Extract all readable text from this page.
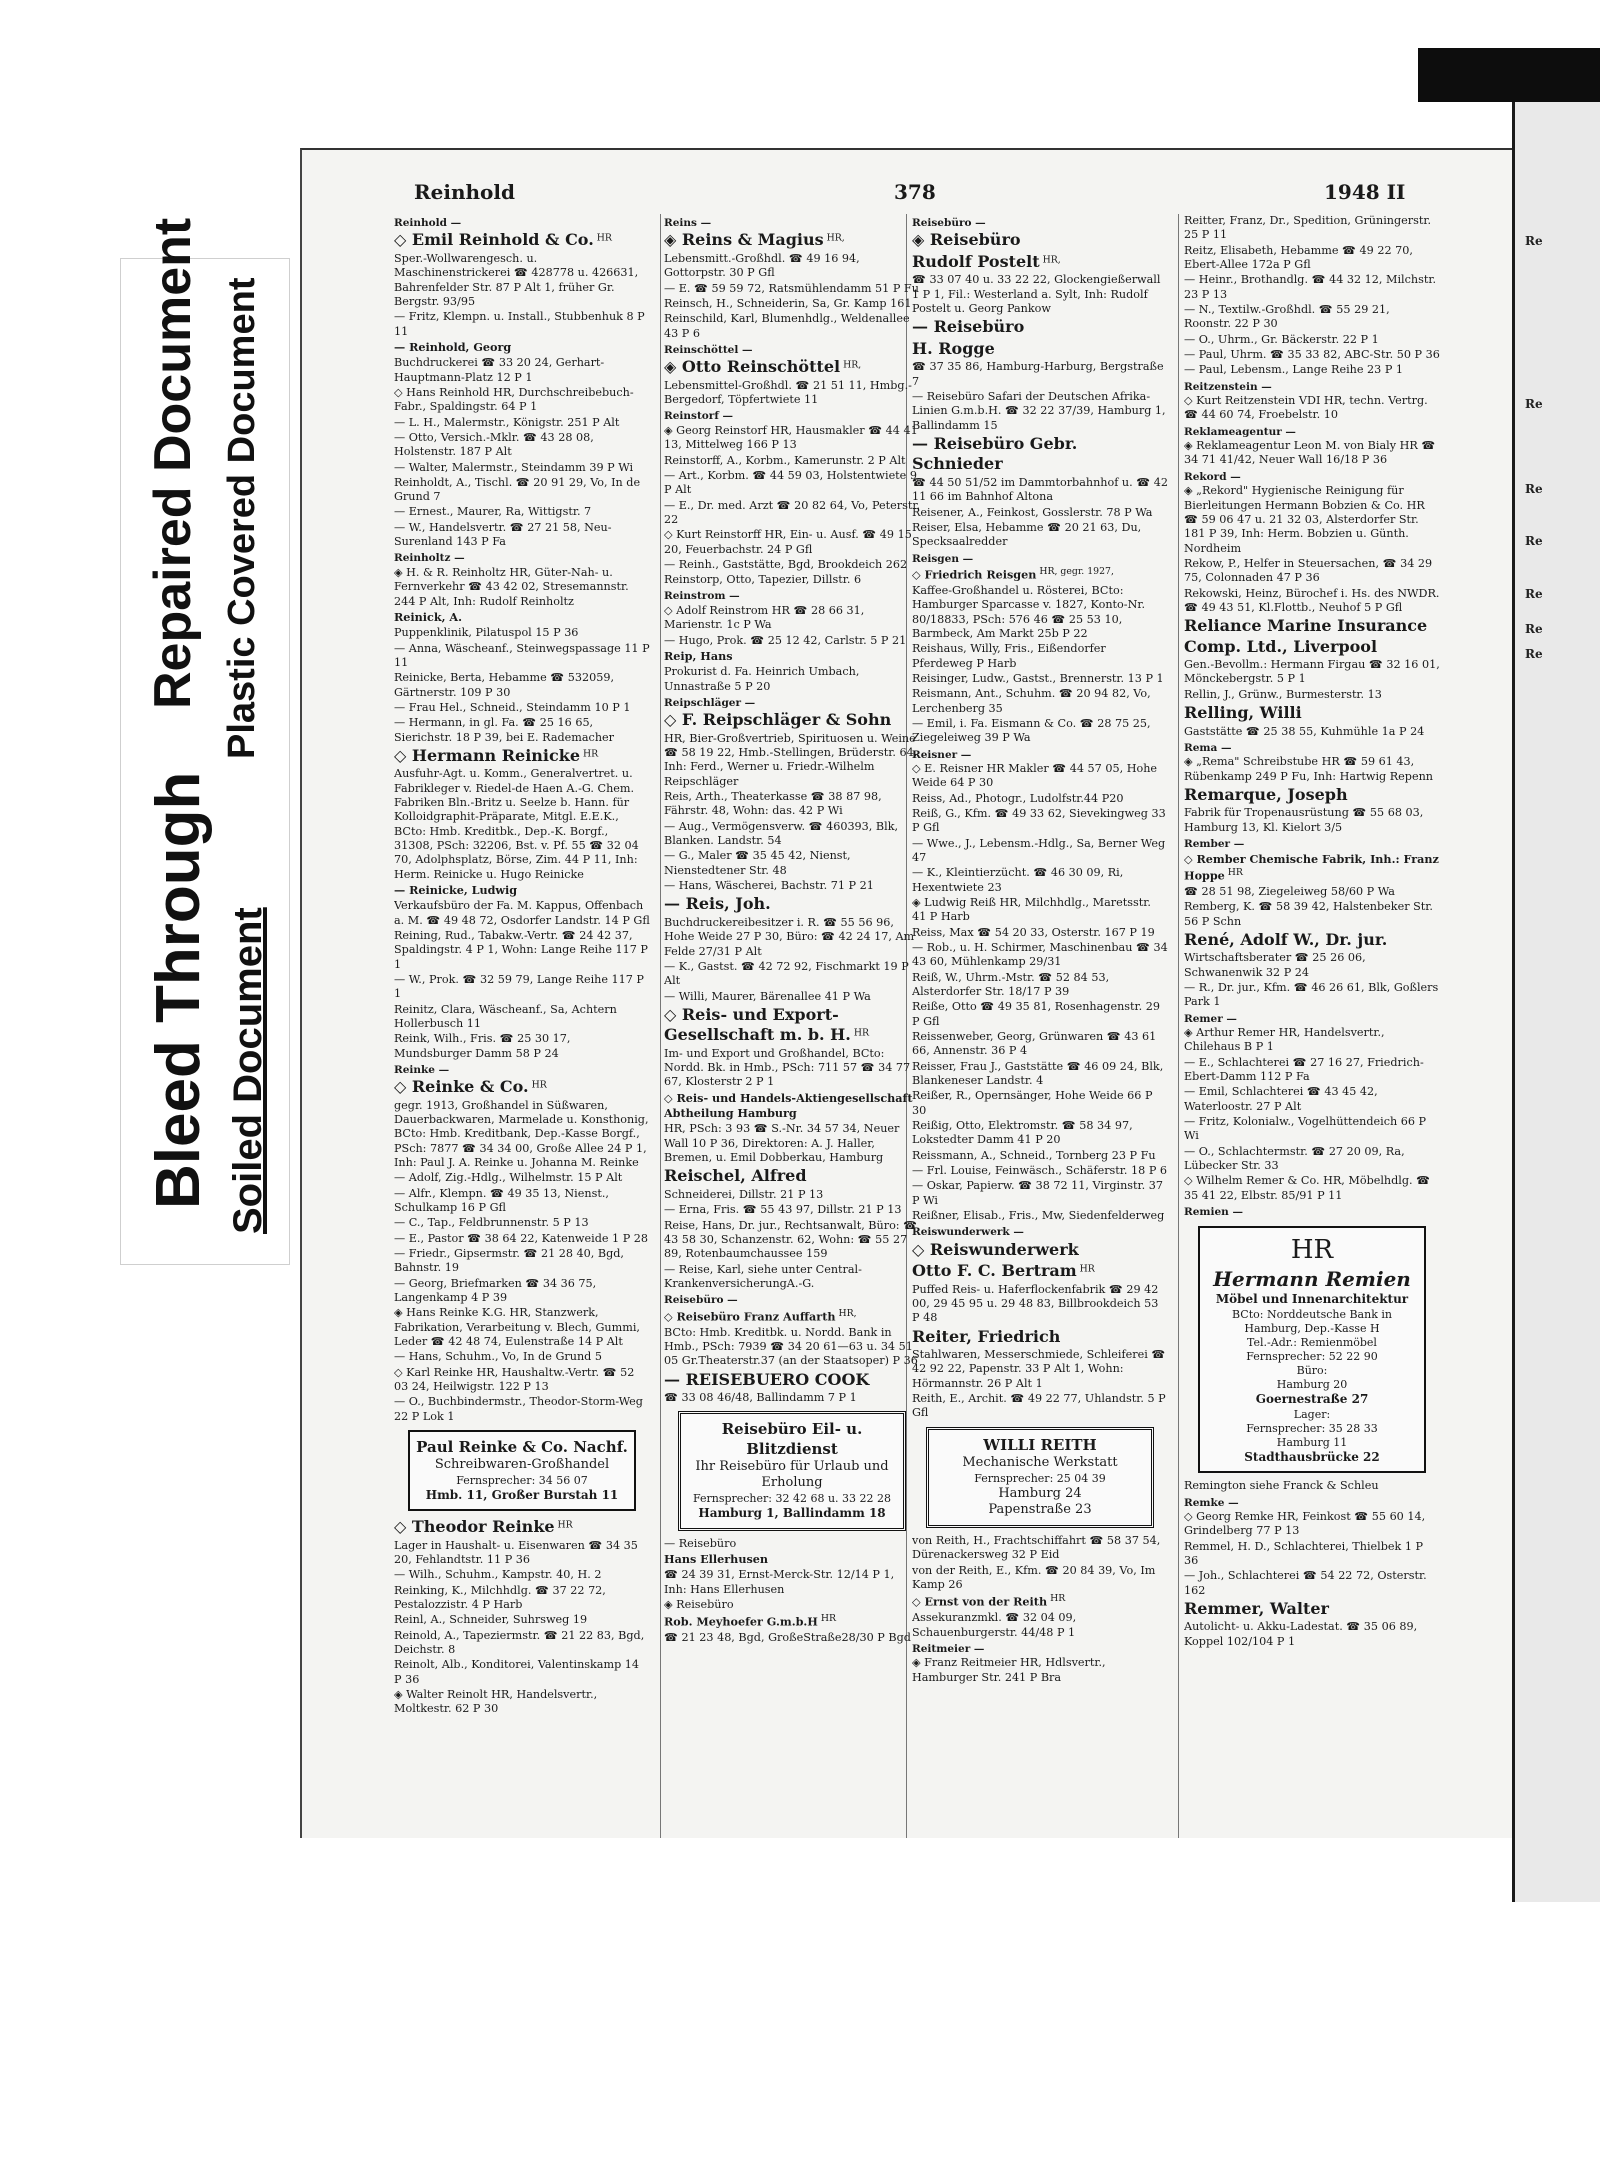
Bleed Through
Repaired Document
Soiled Document
Plastic Covered Document
Re
Re
Re
Re
Re
Re
Re
Reinhold	378	1948 II
Reinhold —
◇ Emil Reinhold & Co. $^{HR}$
Sper.-Wollwarengesch. u. Maschinenstrickerei ☎ 428778 u. 426631, Bahrenfelder Str. 87 P Alt 1, früher Gr. Bergstr. 93/95
— Fritz, Klempn. u. Install., Stubbenhuk 8 P 11
— Reinhold, Georg
Buchdruckerei ☎ 33 20 24, Gerhart-Hauptmann-Platz 12 P 1
◇ Hans Reinhold HR, Durchschreibebuch-Fabr., Spaldingstr. 64 P 1
— L. H., Malermstr., Königstr. 251 P Alt
— Otto, Versich.-Mklr. ☎ 43 28 08, Holstenstr. 187 P Alt
— Walter, Malermstr., Steindamm 39 P Wi
Reinholdt, A., Tischl. ☎ 20 91 29, Vo, In de Grund 7
— Ernest., Maurer, Ra, Wittigstr. 7
— W., Handelsvertr. ☎ 27 21 58, Neu-Surenland 143 P Fa
Reinholtz —
◈ H. & R. Reinholtz HR, Güter-Nah- u. Fernverkehr ☎ 43 42 02, Stresemannstr. 244 P Alt, Inh: Rudolf Reinholtz
Reinick, A.
Puppenklinik, Pilatuspol 15 P 36
— Anna, Wäscheanf., Steinwegspassage 11 P 11
Reinicke, Berta, Hebamme ☎ 532059, Gärtnerstr. 109 P 30
— Frau Hel., Schneid., Steindamm 10 P 1
— Hermann, in gl. Fa. ☎ 25 16 65, Sierichstr. 18 P 39, bei E. Rademacher
◇ Hermann Reinicke $^{HR}$
Ausfuhr-Agt. u. Komm., Generalvertret. u. Fabrikleger v. Riedel-de Haen A.-G. Chem. Fabriken Bln.-Britz u. Seelze b. Hann. für Kolloidgraphit-Präparate, Mitgl. E.E.K., BCto: Hmb. Kreditbk., Dep.-K. Borgf., 31308, PSch: 32206, Bst. v. Pf. 55 ☎ 32 04 70, Adolphsplatz, Börse, Zim. 44 P 11, Inh: Herm. Reinicke u. Hugo Reinicke
— Reinicke, Ludwig
Verkaufsbüro der Fa. M. Kappus, Offenbach a. M. ☎ 49 48 72, Osdorfer Landstr. 14 P Gfl
Reining, Rud., Tabakw.-Vertr. ☎ 24 42 37, Spaldingstr. 4 P 1, Wohn: Lange Reihe 117 P 1
— W., Prok. ☎ 32 59 79, Lange Reihe 117 P 1
Reinitz, Clara, Wäscheanf., Sa, Achtern Hollerbusch 11
Reink, Wilh., Fris. ☎ 25 30 17, Mundsburger Damm 58 P 24
Reinke —
◇ Reinke & Co. $^{HR}$
gegr. 1913, Großhandel in Süßwaren, Dauerbackwaren, Marmelade u. Konsthonig, BCto: Hmb. Kreditbank, Dep.-Kasse Borgf., PSch: 7877 ☎ 34 34 00, Große Allee 24 P 1, Inh: Paul J. A. Reinke u. Johanna M. Reinke
— Adolf, Zig.-Hdlg., Wilhelmstr. 15 P Alt
— Alfr., Klempn. ☎ 49 35 13, Nienst., Schulkamp 16 P Gfl
— C., Tap., Feldbrunnenstr. 5 P 13
— E., Pastor ☎ 38 64 22, Katenweide 1 P 28
— Friedr., Gipsermstr. ☎ 21 28 40, Bgd, Bahnstr. 19
— Georg, Briefmarken ☎ 34 36 75, Langenkamp 4 P 39
◈ Hans Reinke K.G. HR, Stanzwerk, Fabrikation, Verarbeitung v. Blech, Gummi, Leder ☎ 42 48 74, Eulenstraße 14 P Alt
— Hans, Schuhm., Vo, In de Grund 5
◇ Karl Reinke HR, Haushaltw.-Vertr. ☎ 52 03 24, Heilwigstr. 122 P 13
— O., Buchbindermstr., Theodor-Storm-Weg 22 P Lok 1
Paul Reinke & Co. Nachf.
Schreibwaren-Großhandel
Fernsprecher: 34 56 07
Hmb. 11, Großer Burstah 11
◇ Theodor Reinke $^{HR}$
Lager in Haushalt- u. Eisenwaren ☎ 34 35 20, Fehlandtstr. 11 P 36
— Wilh., Schuhm., Kampstr. 40, H. 2
Reinking, K., Milchhdlg. ☎ 37 22 72, Pestalozzistr. 4 P Harb
Reinl, A., Schneider, Suhrsweg 19
Reinold, A., Tapeziermstr. ☎ 21 22 83, Bgd, Deichstr. 8
Reinolt, Alb., Konditorei, Valentinskamp 14 P 36
◈ Walter Reinolt HR, Handelsvertr., Moltkestr. 62 P 30
Reins —
◈ Reins & Magius $^{HR,}$
Lebensmitt.-Großhdl. ☎ 49 16 94, Gottorpstr. 30 P Gfl
— E. ☎ 59 59 72, Ratsmühlendamm 51 P Fu
Reinsch, H., Schneiderin, Sa, Gr. Kamp 161
Reinschild, Karl, Blumenhdlg., Weldenallee 43 P 6
Reinschöttel —
◈ Otto Reinschöttel $^{HR,}$
Lebensmittel-Großhdl. ☎ 21 51 11, Hmbg.-Bergedorf, Töpfertwiete 11
Reinstorf —
◈ Georg Reinstorf HR, Hausmakler ☎ 44 41 13, Mittelweg 166 P 13
Reinstorff, A., Korbm., Kamerunstr. 2 P Alt
— Art., Korbm. ☎ 44 59 03, Holstentwiete 9 P Alt
— E., Dr. med. Arzt ☎ 20 82 64, Vo, Peterstr. 22
◇ Kurt Reinstorff HR, Ein- u. Ausf. ☎ 49 15 20, Feuerbachstr. 24 P Gfl
— Reinh., Gaststätte, Bgd, Brookdeich 262
Reinstorp, Otto, Tapezier, Dillstr. 6
Reinstrom —
◇ Adolf Reinstrom HR ☎ 28 66 31, Marienstr. 1c P Wa
— Hugo, Prok. ☎ 25 12 42, Carlstr. 5 P 21
Reip, Hans
Prokurist d. Fa. Heinrich Umbach, Unnastraße 5 P 20
Reipschläger —
◇ F. Reipschläger & Sohn
HR, Bier-Großvertrieb, Spirituosen u. Weine ☎ 58 19 22, Hmb.-Stellingen, Brüderstr. 64, Inh: Ferd., Werner u. Friedr.-Wilhelm Reipschläger
Reis, Arth., Theaterkasse ☎ 38 87 98, Fährstr. 48, Wohn: das. 42 P Wi
— Aug., Vermögensverw. ☎ 460393, Blk, Blanken. Landstr. 54
— G., Maler ☎ 35 45 42, Nienst, Nienstedtener Str. 48
— Hans, Wäscherei, Bachstr. 71 P 21
— Reis, Joh.
Buchdruckereibesitzer i. R. ☎ 55 56 96, Hohe Weide 27 P 30, Büro: ☎ 42 24 17, Am Felde 27/31 P Alt
— K., Gastst. ☎ 42 72 92, Fischmarkt 19 P Alt
— Willi, Maurer, Bärenallee 41 P Wa
◇ Reis- und Export-Gesellschaft m. b. H. $^{HR}$
Im- und Export und Großhandel, BCto: Nordd. Bk. in Hmb., PSch: 711 57 ☎ 34 77 67, Klosterstr 2 P 1
◇ Reis- und Handels-Aktiengesellschaft Abtheilung Hamburg
HR, PSch: 3 93 ☎ S.-Nr. 34 57 34, Neuer Wall 10 P 36, Direktoren: A. J. Haller, Bremen, u. Emil Dobberkau, Hamburg
Reischel, Alfred
Schneiderei, Dillstr. 21 P 13
— Erna, Fris. ☎ 55 43 97, Dillstr. 21 P 13
Reise, Hans, Dr. jur., Rechtsanwalt, Büro: ☎ 43 58 30, Schanzenstr. 62, Wohn: ☎ 55 27 89, Rotenbaumchaussee 159
— Reise, Karl, siehe unter Central-KrankenversicherungA.-G.
Reisebüro —
◇ Reisebüro Franz Auffarth $^{HR,}$
BCto: Hmb. Kreditbk. u. Nordd. Bank in Hmb., PSch: 7939 ☎ 34 20 61—63 u. 34 51 05 Gr.Theaterstr.37 (an der Staatsoper) P 36
— REISEBUERO COOK
☎ 33 08 46/48, Ballindamm 7 P 1
Reisebüro Eil- u. Blitzdienst
Ihr Reisebüro für Urlaub und Erholung
Fernsprecher: 32 42 68 u. 33 22 28
Hamburg 1, Ballindamm 18
— Reisebüro
Hans Ellerhusen
☎ 24 39 31, Ernst-Merck-Str. 12/14 P 1, Inh: Hans Ellerhusen
◈ Reisebüro
Rob. Meyhoefer G.m.b.H $^{HR}$
☎ 21 23 48, Bgd, GroßeStraße28/30 P Bgd
Reisebüro —
◈ Reisebüro
Rudolf Postelt $^{HR,}$
☎ 33 07 40 u. 33 22 22, Glockengießerwall 1 P 1, Fil.: Westerland a. Sylt, Inh: Rudolf Postelt u. Georg Pankow
— Reisebüro
H. Rogge
☎ 37 35 86, Hamburg-Harburg, Bergstraße 7
— Reisebüro Safari der Deutschen Afrika-Linien G.m.b.H. ☎ 32 22 37/39, Hamburg 1, Ballindamm 15
— Reisebüro Gebr. Schnieder
☎ 44 50 51/52 im Dammtorbahnhof u. ☎ 42 11 66 im Bahnhof Altona
Reisener, A., Feinkost, Gosslerstr. 78 P Wa
Reiser, Elsa, Hebamme ☎ 20 21 63, Du, Specksaalredder
Reisgen —
◇ Friedrich Reisgen $^{HR, gegr. 1927,}$
Kaffee-Großhandel u. Rösterei, BCto: Hamburger Sparcasse v. 1827, Konto-Nr. 80/18833, PSch: 576 46 ☎ 25 53 10, Barmbeck, Am Markt 25b P 22
Reishaus, Willy, Fris., Eißendorfer Pferdeweg P Harb
Reisinger, Ludw., Gastst., Brennerstr. 13 P 1
Reismann, Ant., Schuhm. ☎ 20 94 82, Vo, Lerchenberg 35
— Emil, i. Fa. Eismann & Co. ☎ 28 75 25, Ziegeleiweg 39 P Wa
Reisner —
◇ E. Reisner HR Makler ☎ 44 57 05, Hohe Weide 64 P 30
Reiss, Ad., Photogr., Ludolfstr.44 P20
Reiß, G., Kfm. ☎ 49 33 62, Sievekingweg 33 P Gfl
— Wwe., J., Lebensm.-Hdlg., Sa, Berner Weg 47
— K., Kleintierzücht. ☎ 46 30 09, Ri, Hexentwiete 23
◈ Ludwig Reiß HR, Milchhdlg., Maretsstr. 41 P Harb
Reiss, Max ☎ 54 20 33, Osterstr. 167 P 19
— Rob., u. H. Schirmer, Maschinenbau ☎ 34 43 60, Mühlenkamp 29/31
Reiß, W., Uhrm.-Mstr. ☎ 52 84 53, Alsterdorfer Str. 18/17 P 39
Reiße, Otto ☎ 49 35 81, Rosenhagenstr. 29 P Gfl
Reissenweber, Georg, Grünwaren ☎ 43 61 66, Annenstr. 36 P 4
Reisser, Frau J., Gaststätte ☎ 46 09 24, Blk, Blankeneser Landstr. 4
Reißer, R., Opernsänger, Hohe Weide 66 P 30
Reißig, Otto, Elektromstr. ☎ 58 34 97, Lokstedter Damm 41 P 20
Reissmann, A., Schneid., Tornberg 23 P Fu
— Frl. Louise, Feinwäsch., Schäferstr. 18 P 6
— Oskar, Papierw. ☎ 38 72 11, Virginstr. 37 P Wi
Reißner, Elisab., Fris., Mw, Siedenfelderweg
Reiswunderwerk —
◇ Reiswunderwerk
Otto F. C. Bertram $^{HR}$
Puffed Reis- u. Haferflockenfabrik ☎ 29 42 00, 29 45 95 u. 29 48 83, Billbrookdeich 53 P 48
Reiter, Friedrich
Stahlwaren, Messerschmiede, Schleiferei ☎ 42 92 22, Papenstr. 33 P Alt 1, Wohn: Hörmannstr. 26 P Alt 1
Reith, E., Archit. ☎ 49 22 77, Uhlandstr. 5 P Gfl
WILLI REITH
Mechanische Werkstatt
Fernsprecher: 25 04 39
Hamburg 24
Papenstraße 23
von Reith, H., Frachtschiffahrt ☎ 58 37 54, Dürenackersweg 32 P Eid
von der Reith, E., Kfm. ☎ 20 84 39, Vo, Im Kamp 26
◇ Ernst von der Reith $^{HR}$
Assekuranzmkl. ☎ 32 04 09, Schauenburgerstr. 44/48 P 1
Reitmeier —
◈ Franz Reitmeier HR, Hdlsvertr., Hamburger Str. 241 P Bra
Reitter, Franz, Dr., Spedition, Grüningerstr. 25 P 11
Reitz, Elisabeth, Hebamme ☎ 49 22 70, Ebert-Allee 172a P Gfl
— Heinr., Brothandlg. ☎ 44 32 12, Milchstr. 23 P 13
— N., Textilw.-Großhdl. ☎ 55 29 21, Roonstr. 22 P 30
— O., Uhrm., Gr. Bäckerstr. 22 P 1
— Paul, Uhrm. ☎ 35 33 82, ABC-Str. 50 P 36
— Paul, Lebensm., Lange Reihe 23 P 1
Reitzenstein —
◇ Kurt Reitzenstein VDI HR, techn. Vertrg. ☎ 44 60 74, Froebelstr. 10
Reklameagentur —
◈ Reklameagentur Leon M. von Bialy HR ☎ 34 71 41/42, Neuer Wall 16/18 P 36
Rekord —
◈ „Rekord" Hygienische Reinigung für Bierleitungen Hermann Bobzien & Co. HR ☎ 59 06 47 u. 21 32 03, Alsterdorfer Str. 181 P 39, Inh: Herm. Bobzien u. Günth. Nordheim
Rekow, P., Helfer in Steuersachen, ☎ 34 29 75, Colonnaden 47 P 36
Rekowski, Heinz, Bürochef i. Hs. des NWDR. ☎ 49 43 51, Kl.Flottb., Neuhof 5 P Gfl
Reliance Marine Insurance Comp. Ltd., Liverpool
Gen.-Bevollm.: Hermann Firgau ☎ 32 16 01, Mönckebergstr. 5 P 1
Rellin, J., Grünw., Burmesterstr. 13
Relling, Willi
Gaststätte ☎ 25 38 55, Kuhmühle 1a P 24
Rema —
◈ „Rema" Schreibstube HR ☎ 59 61 43, Rübenkamp 249 P Fu, Inh: Hartwig Repenn
Remarque, Joseph
Fabrik für Tropenausrüstung ☎ 55 68 03, Hamburg 13, Kl. Kielort 3/5
Rember —
◇ Rember Chemische Fabrik, Inh.: Franz Hoppe $^{HR}$
☎ 28 51 98, Ziegeleiweg 58/60 P Wa
Remberg, K. ☎ 58 39 42, Halstenbeker Str. 56 P Schn
René, Adolf W., Dr. jur.
Wirtschaftsberater ☎ 25 26 06, Schwanenwik 32 P 24
— R., Dr. jur., Kfm. ☎ 46 26 61, Blk, Goßlers Park 1
Remer —
◈ Arthur Remer HR, Handelsvertr., Chilehaus B P 1
— E., Schlachterei ☎ 27 16 27, Friedrich-Ebert-Damm 112 P Fa
— Emil, Schlachterei ☎ 43 45 42, Waterloostr. 27 P Alt
— Fritz, Kolonialw., Vogelhüttendeich 66 P Wi
— O., Schlachtermstr. ☎ 27 20 09, Ra, Lübecker Str. 33
◇ Wilhelm Remer & Co. HR, Möbelhdlg. ☎ 35 41 22, Elbstr. 85/91 P 11
Remien —
HR
Hermann Remien
Möbel und Innenarchitektur
BCto: Norddeutsche Bank in Hamburg, Dep.-Kasse H
Tel.-Adr.: Remienmöbel
Fernsprecher: 52 22 90
Büro:
Hamburg 20
Goernestraße 27
Lager:
Fernsprecher: 35 28 33
Hamburg 11
Stadthausbrücke 22
Remington siehe Franck & Schleu
Remke —
◇ Georg Remke HR, Feinkost ☎ 55 60 14, Grindelberg 77 P 13
Remmel, H. D., Schlachterei, Thielbek 1 P 36
— Joh., Schlachterei ☎ 54 22 72, Osterstr. 162
Remmer, Walter
Autolicht- u. Akku-Ladestat. ☎ 35 06 89, Koppel 102/104 P 1
